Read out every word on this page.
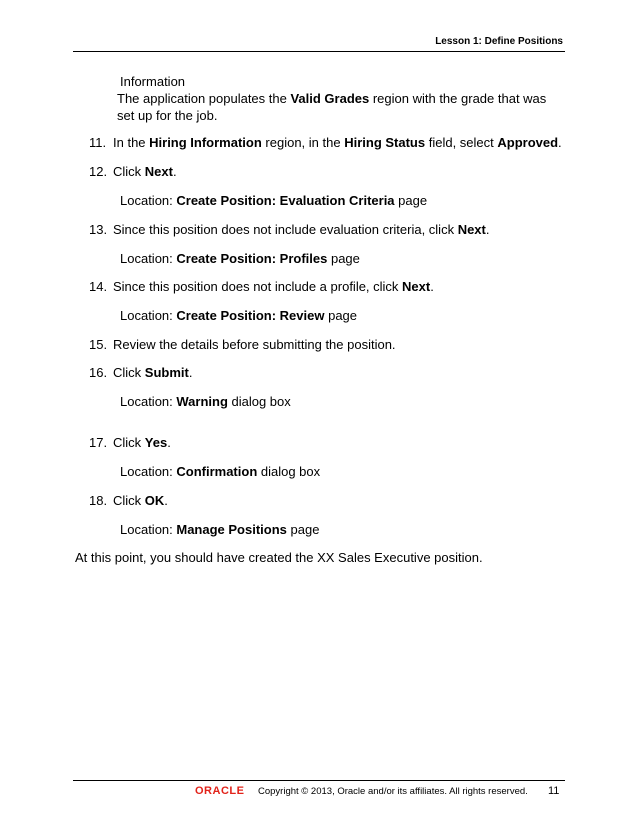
Lesson 1: Define Positions
Information
The application populates the Valid Grades region with the grade that was set up for the job.
11. In the Hiring Information region, in the Hiring Status field, select Approved.
12. Click Next.
Location: Create Position: Evaluation Criteria page
13. Since this position does not include evaluation criteria, click Next.
Location: Create Position: Profiles page
14. Since this position does not include a profile, click Next.
Location: Create Position: Review page
15. Review the details before submitting the position.
16. Click Submit.
Location: Warning dialog box
17. Click Yes.
Location: Confirmation dialog box
18. Click OK.
Location: Manage Positions page
At this point, you should have created the XX Sales Executive position.
ORACLE Copyright © 2013, Oracle and/or its affiliates. All rights reserved. 11
